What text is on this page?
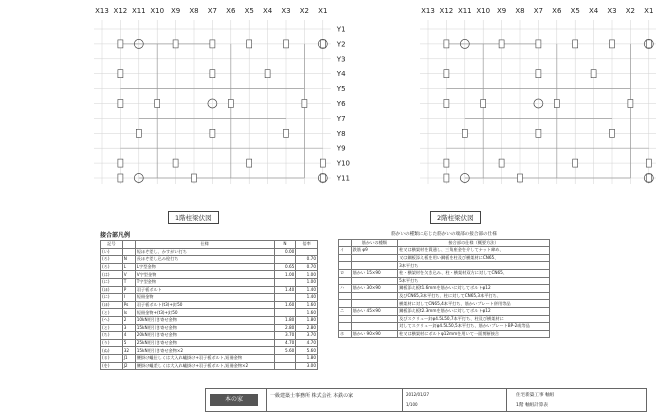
X13 X12 X11 X10 X9 X8 X7 X6 X5 X4 X3 X2 X1
Y1
Y2
Y3
Y4
Y5
Y6
Y7
Y8
Y9
Y10
Y11
1階柱梁伏図
X13 X12 X11 X10 X9 X8 X7 X6 X5 X4 X3 X2 X1
2階柱梁伏図
接合部凡例
記号		仕様	N	倍率
(い)		短ほぞ差し、かすがい打ち	0.00	
(ろ)	N	長ほぞ差し込み栓打ち		0.70
(ろ)	L	L字型金物	0.65	0.70
(は)	V	V字型金物	1.00	1.00
(に)	T	T字型金物		1.00
(ほ)	P	羽子板ボルト	1.40	1.40
(に)	I	短冊金物		1.40
(ほ)	Ps	羽子板ボルト(t3)+釘50	1.60	1.60
(と)	Is	短冊金物+(t3)+釘50		1.60
(へ)	2	10kN用引き寄せ金物	1.80	1.80
(と)	3	15kN用引き寄せ金物	2.80	2.80
(ち)	4	20kN用引き寄せ金物	3.70	3.70
(り)	5	25kN用引き寄せ金物	4.70	4.70
(ぬ)	32	15kN用引き寄せ金物×2	5.60	5.60
(る)	J1	腰掛け蟻仕しくは大入れ蟻掛け+羽子板ボルト,短冊金物		1.80
(を)	J2	腰掛け蟻差しくは大入れ蟻掛け+羽子板ボルト,短冊金物×2		3.00
筋かいの種類に応じた筋かいの端部の接合部の仕様
	筋かいの種類	接合部の仕様（概要方法）
イ	鉄筋 φ9	柱又は横架材を貫通し、三角座金を介してナット締め、
		又は鋼板添え板を用い鋼板を柱及び横架材にCN65、
		3本平打ち
ロ	筋かい 15×90	柱・横架材を欠き込み、柱・横架材双方に対してCN65、
		5本平打ち
ハ	筋かい 30×90	鋼板添え板t1.6mmを筋かいに対してボルトφ12
		及びCN65,3本平打ち、柱に対してCN65,3本平打ち、
		横架材に対してCN65,4本平打ち、筋かいプレート併用等品
ニ	筋かい 45×90	鋼板添え板t2.3mmを筋かいに対してボルトφ12
		及びスクリュー釘φ4.5L50,7本平打ち、柱及び横架材に
		対してスクリュー釘φ4.5L50,5本平打ち、筋かいプレートBP-2或等品
ホ	筋かい 90×90	柱又は横架材にボルトφ12mmを用いて一面剪断接合
本の家	一級建築士事務所 株式会社 本鉄の家	2012/01/27
1/100
住宅新築工事 軸組
1階 軸組計算表
